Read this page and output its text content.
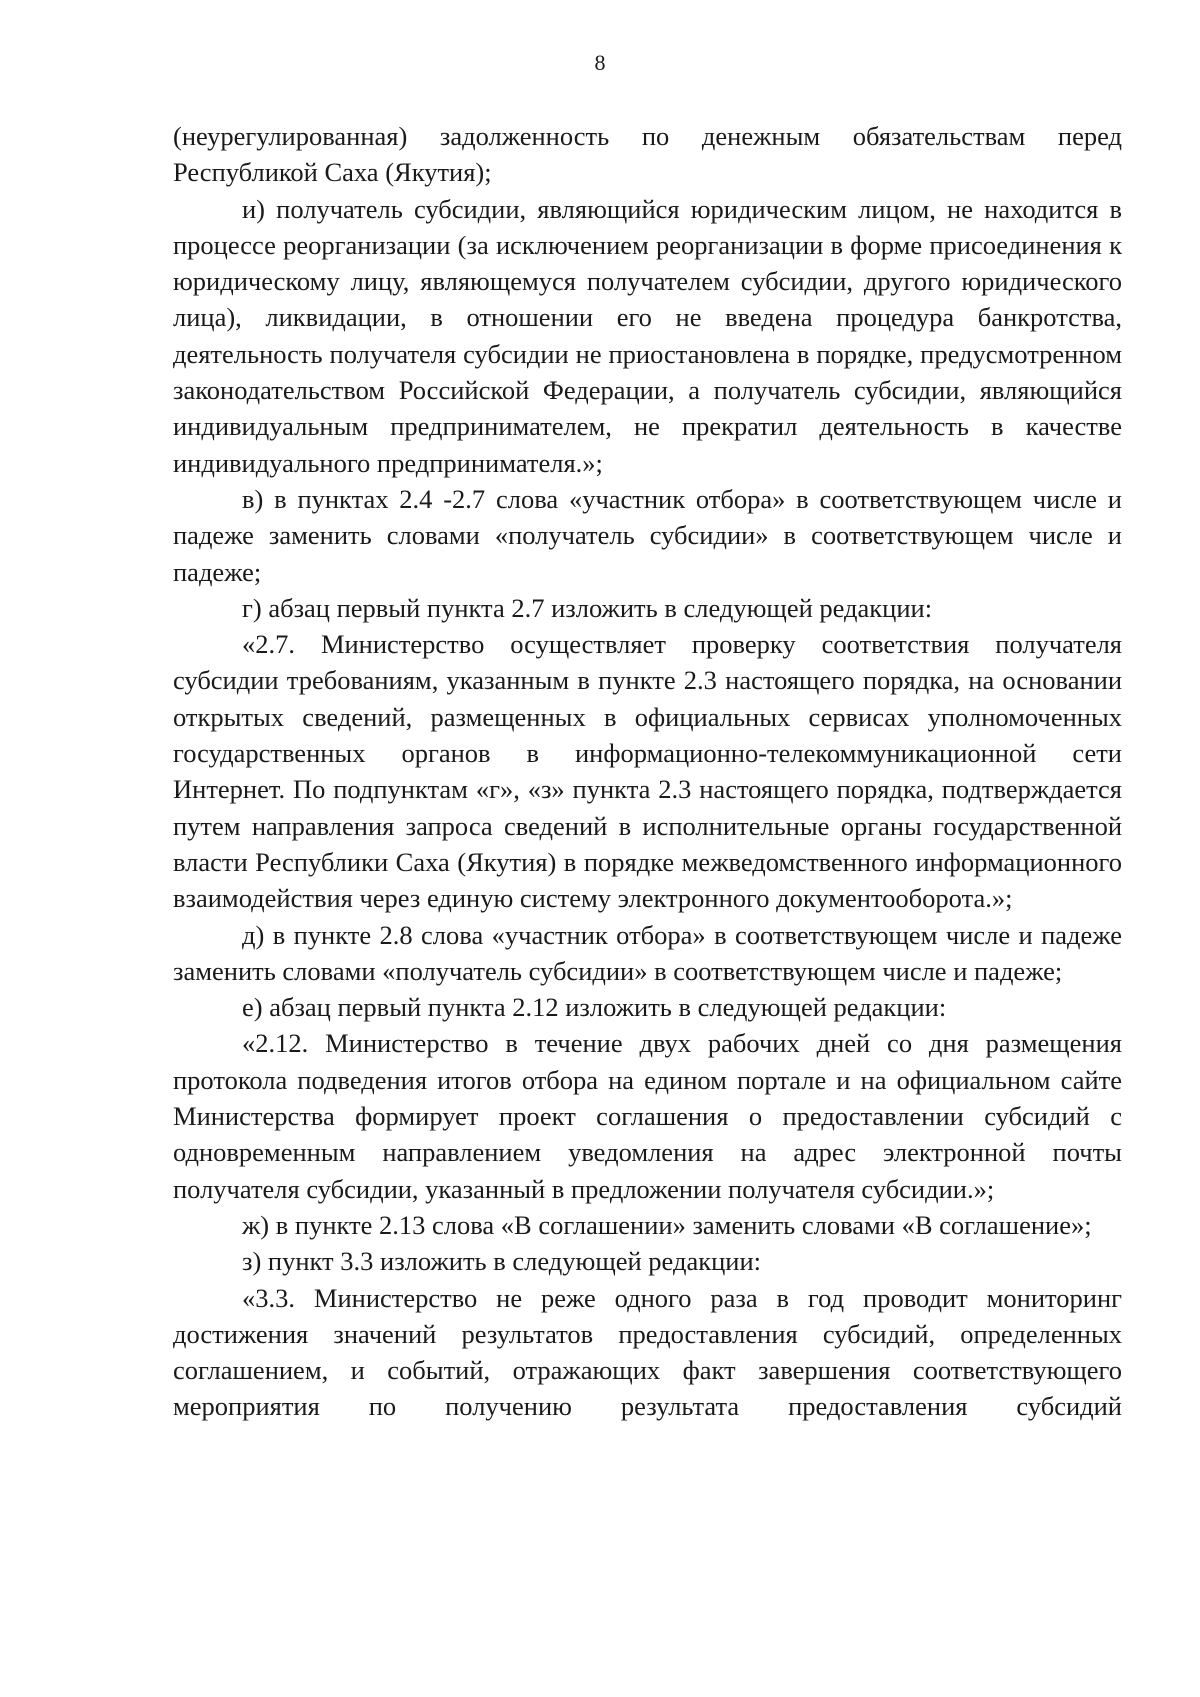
8

(неурегулированная) задолженность по денежным обязательствам перед Республикой Саха (Якутия);

и) получатель субсидии, являющийся юридическим лицом, не находится в процессе реорганизации (за исключением реорганизации в форме присоединения к юридическому лицу, являющемуся получателем субсидии, другого юридического лица), ликвидации, в отношении его не введена процедура банкротства, деятельность получателя субсидии не приостановлена в порядке, предусмотренном законодательством Российской Федерации, а получатель субсидии, являющийся индивидуальным предпринимателем, не прекратил деятельность в качестве индивидуального предпринимателя.»;

в) в пунктах 2.4 -2.7 слова «участник отбора» в соответствующем числе и падеже заменить словами «получатель субсидии» в соответствующем числе и падеже;

г) абзац первый пункта 2.7 изложить в следующей редакции:

«2.7. Министерство осуществляет проверку соответствия получателя субсидии требованиям, указанным в пункте 2.3 настоящего порядка, на основании открытых сведений, размещенных в официальных сервисах уполномоченных государственных органов в информационно-телекоммуникационной сети Интернет. По подпунктам «г», «з» пункта 2.3 настоящего порядка, подтверждается путем направления запроса сведений в исполнительные органы государственной власти Республики Саха (Якутия) в порядке межведомственного информационного взаимодействия через единую систему электронного документооборота.»;

д) в пункте 2.8 слова «участник отбора» в соответствующем числе и падеже заменить словами «получатель субсидии» в соответствующем числе и падеже;

е) абзац первый пункта 2.12 изложить в следующей редакции:

«2.12. Министерство в течение двух рабочих дней со дня размещения протокола подведения итогов отбора на едином портале и на официальном сайте Министерства формирует проект соглашения о предоставлении субсидий с одновременным направлением уведомления на адрес электронной почты получателя субсидии, указанный в предложении получателя субсидии.»;

ж) в пункте 2.13 слова «В соглашении» заменить словами «В соглашение»;

з) пункт 3.3 изложить в следующей редакции:

«3.3. Министерство не реже одного раза в год проводит мониторинг достижения значений результатов предоставления субсидий, определенных соглашением, и событий, отражающих факт завершения соответствующего мероприятия по получению результата предоставления субсидий
